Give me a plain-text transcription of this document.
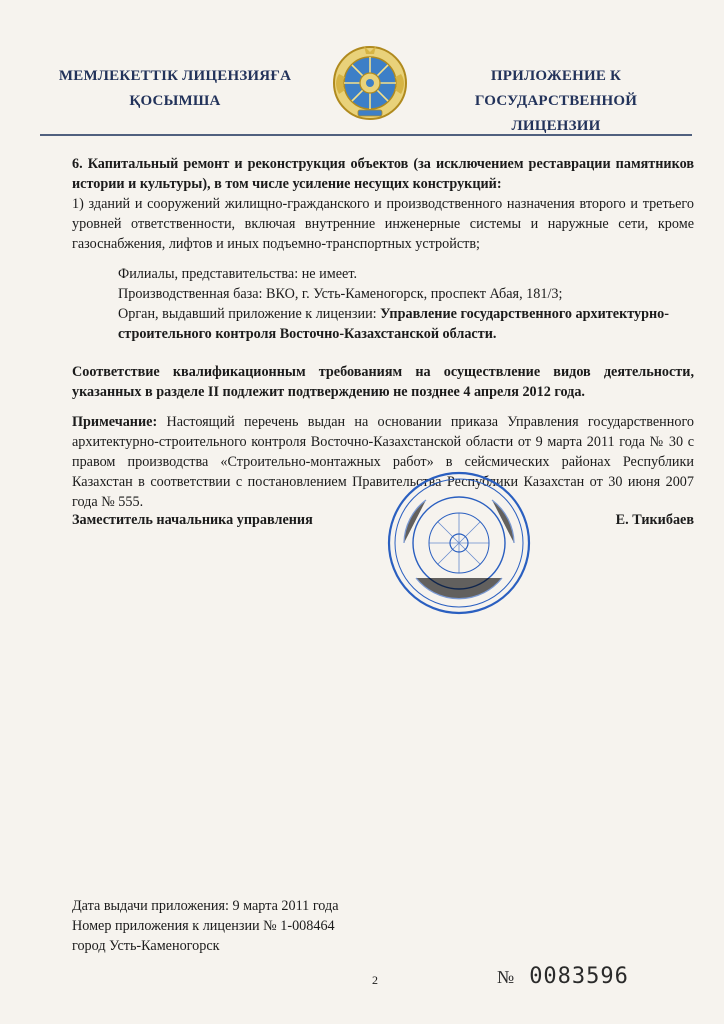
МЕМЛЕКЕТТІК ЛИЦЕНЗИЯҒА
ҚОСЫМША
ПРИЛОЖЕНИЕ К ГОСУДАРСТВЕННОЙ
ЛИЦЕНЗИИ

6. Капитальный ремонт и реконструкция объектов (за исключением реставрации памятников истории и культуры), в том числе усиление несущих конструкций:

1) зданий и сооружений жилищно-гражданского и производственного назначения второго и третьего уровней ответственности, включая внутренние инженерные системы и наружные сети, кроме газоснабжения, лифтов и иных подъемно-транспортных устройств;

Филиалы, представительства: не имеет.

Производственная база: ВКО, г. Усть-Каменогорск, проспект Абая, 181/3;

Орган, выдавший приложение к лицензии: Управление государственного архитектурно-строительного контроля Восточно-Казахстанской области.

Соответствие квалификационным требованиям на осуществление видов деятельности, указанных в разделе II подлежит подтверждению не позднее 4 апреля 2012 года.

Примечание: Настоящий перечень выдан на основании приказа Управления государственного архитектурно-строительного контроля Восточно-Казахстанской области от 9 марта 2011 года № 30 с правом производства «Строительно-монтажных работ» в сейсмических районах Республики Казахстан в соответствии с постановлением Правительства Республики Казахстан от 30 июня 2007 года № 555.

Заместитель начальника управления	Е. Тикибаев

Дата выдачи приложения: 9 марта 2011 года

Номер приложения к лицензии № 1-008464

город Усть-Каменогорск

2	№ 0083596
